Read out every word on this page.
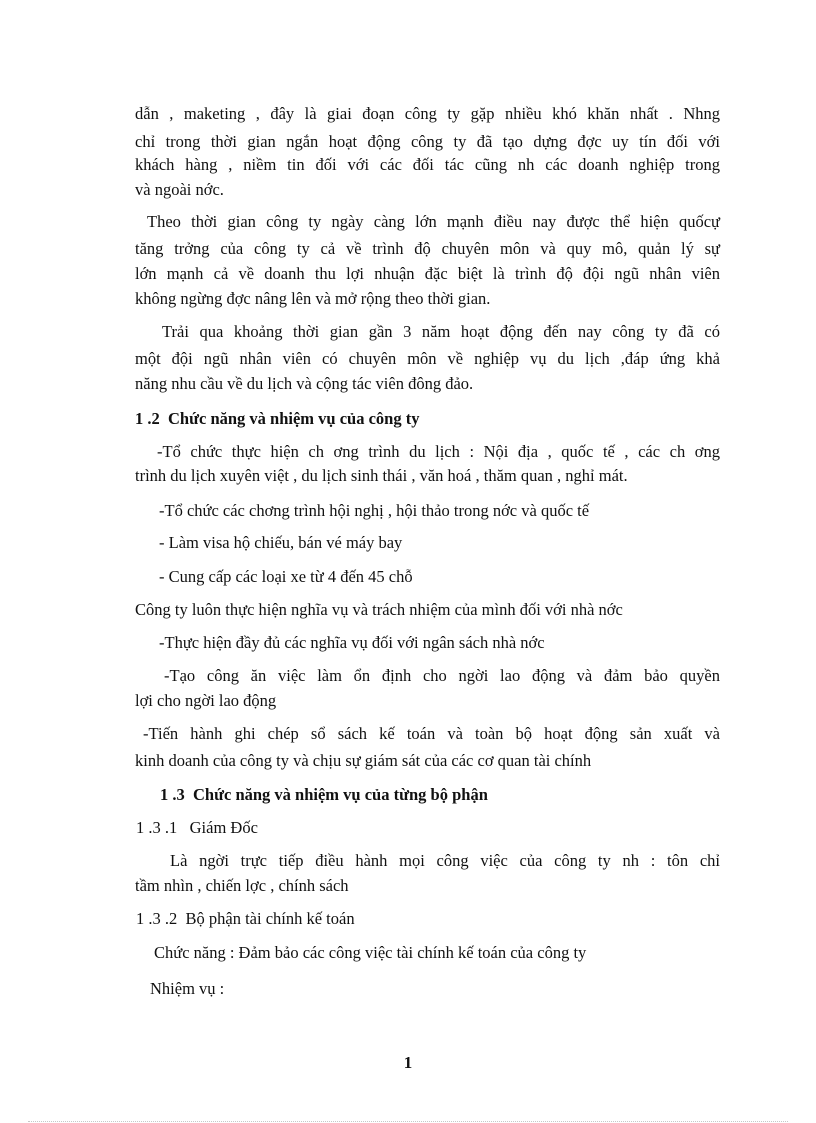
dẫn , maketing , đây là giai đoạn công ty gặp nhiều khó khăn nhất . Nhng
chỉ trong thời gian ngắn hoạt động công ty đã tạo dựng đợc uy tín đối với
khách hàng , niềm tin đối với các đối tác cũng nh các doanh nghiệp trong
và ngoài nớc.
Theo thời gian công ty ngày càng lớn mạnh điều nay được thể hiện quốcự
tăng trởng của công ty cả về trình độ chuyên môn và quy mô, quản lý sự
lớn mạnh cả về doanh thu lợi nhuận đặc biệt là trình độ đội ngũ nhân viên
không ngừng đợc nâng lên và mở rộng theo thời gian.
Trải qua khoảng thời gian gần 3 năm hoạt động đến nay công ty đã có
một đội ngũ nhân viên có chuyên môn về nghiệp vụ du lịch ,đáp ứng khả
năng nhu cầu về du lịch và cộng tác viên đông đảo.
1 .2  Chức năng và nhiệm vụ của công ty
-Tổ chức thực hiện ch ơng trình du lịch : Nội địa , quốc tế , các ch ơng
trình du lịch xuyên việt , du lịch sinh thái , văn hoá , thăm quan , nghỉ mát.
-Tổ chức các chơng trình hội nghị , hội thảo trong nớc và quốc tế
- Làm visa hộ chiếu, bán vé máy bay
- Cung cấp các loại xe từ 4 đến 45 chỗ
Công ty luôn thực hiện nghĩa vụ và trách nhiệm của mình đối với nhà nớc
-Thực hiện đầy đủ các nghĩa vụ đối với ngân sách nhà nớc
-Tạo công ăn việc làm ổn định cho ngời lao động và đảm bảo quyền
lợi cho ngời lao động
-Tiến hành ghi chép sổ sách kế toán và toàn bộ hoạt động sản xuất và
kinh doanh của công ty và chịu sự giám sát của các cơ quan tài chính
1 .3  Chức năng và nhiệm vụ của từng bộ phận
1 .3 .1   Giám Đốc
Là ngời trực tiếp điều hành mọi công việc của công ty nh : tôn chỉ
tầm nhìn , chiến lợc , chính sách
1 .3 .2  Bộ phận tài chính kế toán
Chức năng : Đảm bảo các công việc tài chính kế toán của công ty
Nhiệm vụ :
1
